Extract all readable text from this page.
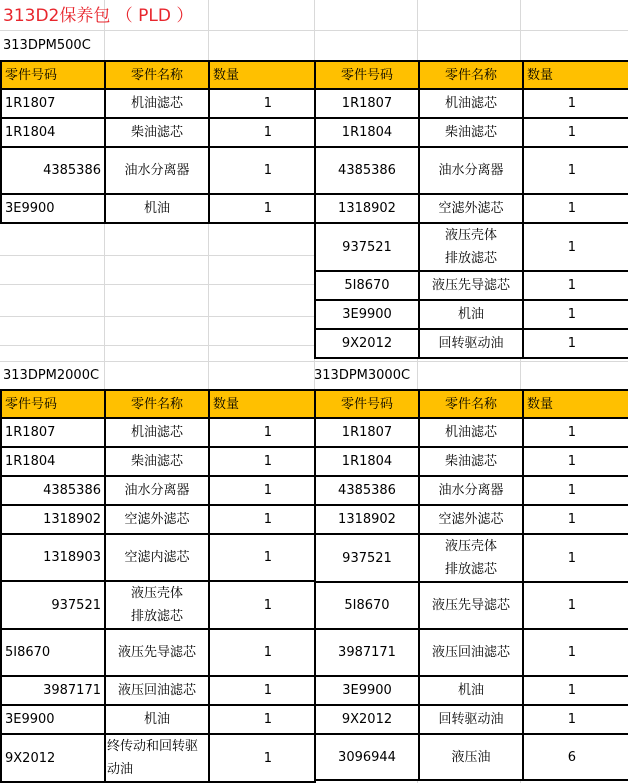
313D2保养包 （ PLD ）
313DPM500C
313DPM2000C	313DPM3000C
零件号码	零件名称	数量
1R1807	机油滤芯	1
1R1804	柴油滤芯	1
4385386	油水分离器	1
3E9900	机油	1
零件号码	零件名称	数量
1R1807	机油滤芯	1
1R1804	柴油滤芯	1
4385386	油水分离器	1
1318902	空滤外滤芯	1
937521	液压壳体排放滤芯	1
5I8670	液压先导滤芯	1
3E9900	机油	1
9X2012	回转驱动油	1
零件号码	零件名称	数量
1R1807	机油滤芯	1
1R1804	柴油滤芯	1
4385386	油水分离器	1
1318902	空滤外滤芯	1
1318903	空滤内滤芯	1
937521	液压壳体排放滤芯	1
5I8670	液压先导滤芯	1
3987171	液压回油滤芯	1
3E9900	机油	1
9X2012	终传动和回转驱动油	1
零件号码	零件名称	数量
1R1807	机油滤芯	1
1R1804	柴油滤芯	1
4385386	油水分离器	1
1318902	空滤外滤芯	1
937521	液压壳体排放滤芯	1
5I8670	液压先导滤芯	1
3987171	液压回油滤芯	1
3E9900	机油	1
9X2012	回转驱动油	1
3096944	液压油	6
